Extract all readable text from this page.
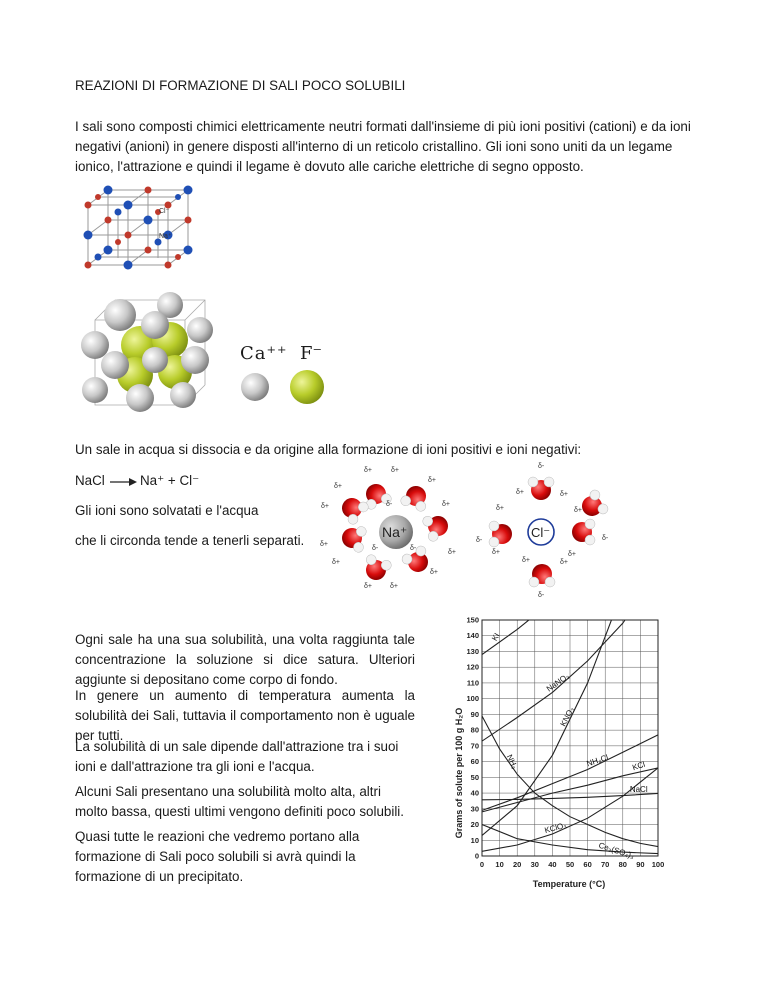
REAZIONI DI FORMAZIONE DI SALI POCO SOLUBILI

I sali sono composti chimici elettricamente neutri formati dall'insieme di più ioni positivi (cationi) e da ioni negativi (anioni) in genere disposti all'interno di un reticolo cristallino. Gli ioni sono uniti da un legame ionico, l'attrazione e quindi il legame è dovuto alle cariche elettriche di segno opposto.

Cl⁻
Na⁺
Ca⁺⁺ F⁻

Un sale in acqua si dissocia e da origine alla formazione di ioni positivi e ioni negativi:

NaCl → Na⁺ + Cl⁻

Gli ioni sono solvatati e l'acqua

che li circonda tende a tenerli separati.

Na⁺
δ+	δ+
δ+
δ+
δ+	δ+
δ+
δ+
δ+
δ+
δ+	δ+
δ-
δ-	δ-
Cl⁻
δ-
δ+	δ+
δ-
δ+
δ+
δ-
δ+
δ+
δ+	δ+
δ-

Ogni sale ha una sua solubilità, una volta raggiunta tale concentrazione la soluzione si dice satura. Ulteriori aggiunte si depositano come corpo di fondo.

In genere un aumento di temperatura aumenta la solubilità dei Sali, tuttavia il comportamento non è uguale per tutti.

La solubilità di un sale dipende dall'attrazione tra i suoi ioni e dall'attrazione tra gli ioni e l'acqua.

Alcuni Sali presentano una solubilità molto alta, altri molto bassa, questi ultimi vengono definiti poco solubili.

Quasi tutte le reazioni che vedremo portano alla formazione di Sali poco solubili si avrà quindi la formazione di un precipitato.

KI
NaNO₃
KNO₃
NH₃	NH₄Cl	KCl
NaCl
KClO₃
Ce₂(SO₄)₃
0 10 20 30 40 50 60 70 80 90 100
0
10
20
30
40
50
60
70
80
90
100
110
120
130
140
150
Grams of solute per 100 g H₂O
Temperature (°C)
